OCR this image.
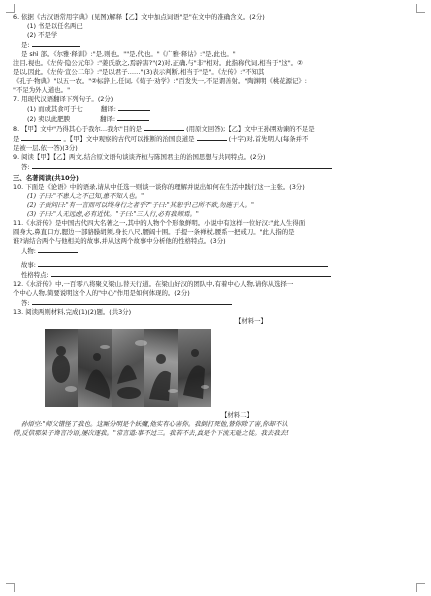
6. 依据《古汉语常用字典》(见图)解释【乙】文中加点词语"是"在文中的准确含义。(2分)
(1) 书是以任名两已
(2) 不是学
是:
是 shì 部。《尔雅·释训》:"是,则也。""是,代也。"《广雅·释诂》:"是,此也。"
注目,视也。《左传·隐公元年》:"姜氏欲之,焉辟害?"(2)对,正确,与"非"相对。此指称代词,相当于"这"。②
是以,因此。《左传·宣公二年》:"是以君子……"(3)表示判断,相当于"是"。《左传》:"不知其
《孔子·物典》"以五一农。"②标辞上,任词,《荀子·劝学》:"百发失一,不足谓善射。"陶渊明《桃花源记》:
"不足为外人道也。"
7. 用现代汉语翻译下列句子。(2分)
(1) 而或其食可于七	翻译:
(2) 卖以此肥腴	翻译:
8. 【甲】文中"乃得其心于我尔…我尔"目的是	(用原文回答);【乙】文中王孙圉劝谏的不足是
是	。【甲】文中观察的古代可以推断的治国良道是	(十字)对,首先明人(每条并不
足被一层,依一答)(3分)
9. 阅读【甲】【乙】两文,结合原文语句谈谈齐桓与陈国君主的治国思想与共同特点。(2分)
答:
三、名著阅读(共10分)
10. 下面是《论语》中的语录,请从中任选一则谈一谈你的理解并说出如何在生活中践行这一主张。(3分)
(1) 子曰:"不患人之不己知,患不知人也。"
(2) 子贡问曰:"有一言而可以终身行之者乎?"子曰:"其恕乎!己所不欲,勿施于人。"
(3) 子曰:"人无远虑,必有近忧。"子曰:"三人行,必有我师焉。"
11.《水浒传》是中国古代四大名著之一,其中的人物个个形象鲜明。小说中有这样一位好汉:"此人生得面
圆身大,鼻直口方,腮边一部貉臊胡须,身长八尺,腰阔十围。手提一条禅杖,腰系一把戒刀。"此人指的是
谁?请结合两个与他相关的故事,并从这两个故事中分析他的性格特点。(3分)
人物:
故事:
性格特点:
12.《水浒传》中,一百零八将聚义梁山,替天行道。在梁山好汉的团队中,有着中心人物,请你从选择一
个中心人物,简要说明这个人的"中心"作用是如何体现的。(2分)
答:
13. 阅读两则材料,完成(1)(2)题。(共3分)
【材料一】
【材料二】
孙悟空:"师父错怪了我也。这厮分明是个妖魔,他实有心害你。我倒打死他,替你除了害,你却不认
得,反信那呆子谗言冷语,屡次逐我。"常言道:事不过三。我若不去,真是个下流无耻之徒。我去我去!
